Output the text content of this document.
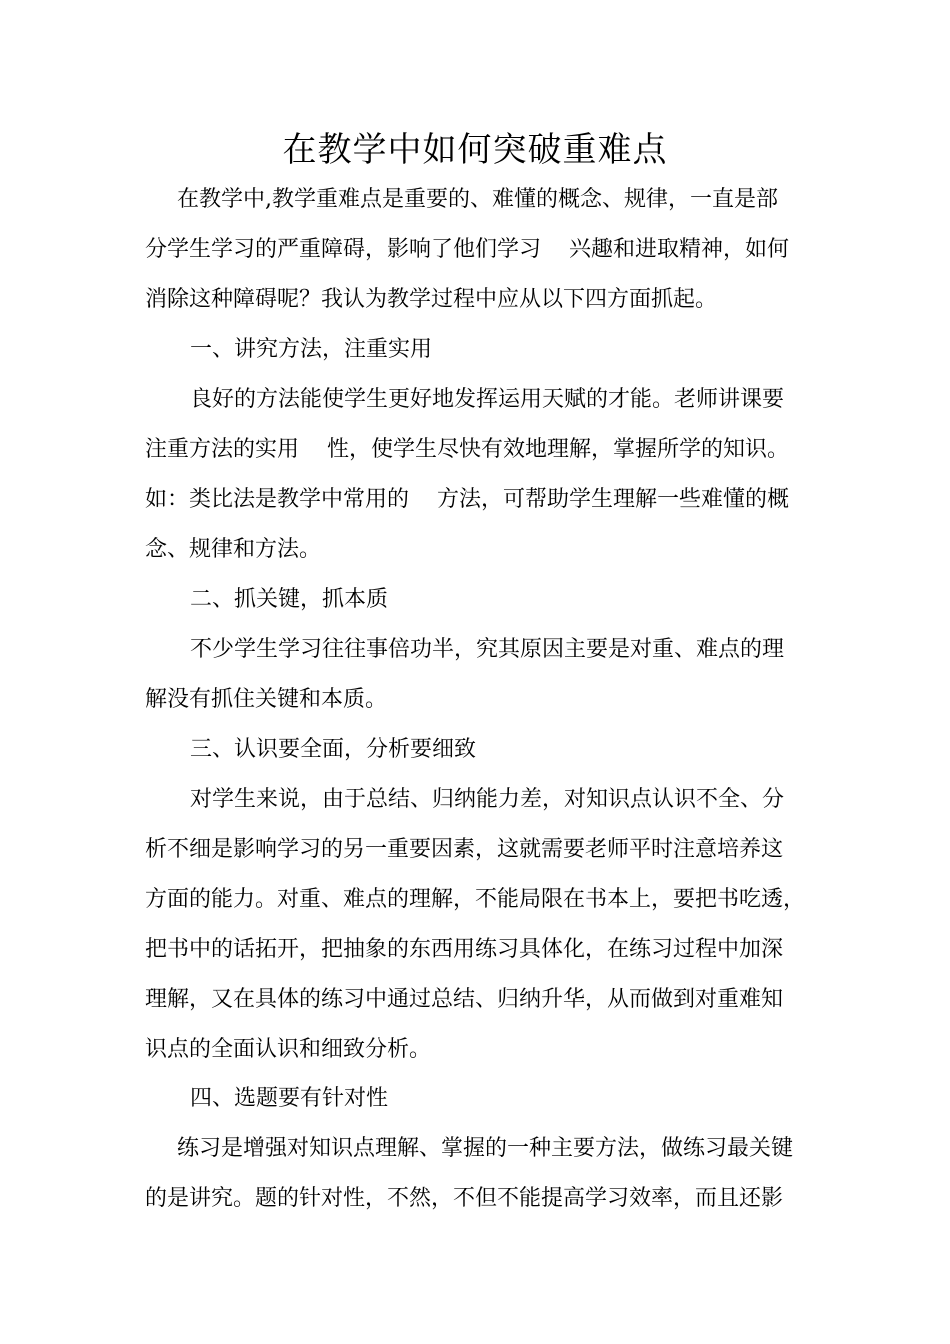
在教学中如何突破重难点
在教学中,教学重难点是重要的、难懂的概念、规律，一直是部
分学生学习的严重障碍，影响了他们学习    兴趣和进取精神，如何
消除这种障碍呢？我认为教学过程中应从以下四方面抓起。
一、讲究方法，注重实用
良好的方法能使学生更好地发挥运用天赋的才能。老师讲课要
注重方法的实用    性，使学生尽快有效地理解，掌握所学的知识。
如：类比法是教学中常用的    方法，可帮助学生理解一些难懂的概
念、规律和方法。
二、抓关键，抓本质
不少学生学习往往事倍功半，究其原因主要是对重、难点的理
解没有抓住关键和本质。
三、认识要全面，分析要细致
对学生来说，由于总结、归纳能力差，对知识点认识不全、分
析不细是影响学习的另一重要因素，这就需要老师平时注意培养这
方面的能力。对重、难点的理解，不能局限在书本上，要把书吃透，
把书中的话拓开，把抽象的东西用练习具体化，在练习过程中加深
理解，又在具体的练习中通过总结、归纳升华，从而做到对重难知
识点的全面认识和细致分析。
四、选题要有针对性
练习是增强对知识点理解、掌握的一种主要方法，做练习最关键
的是讲究。题的针对性，不然，不但不能提高学习效率，而且还影
